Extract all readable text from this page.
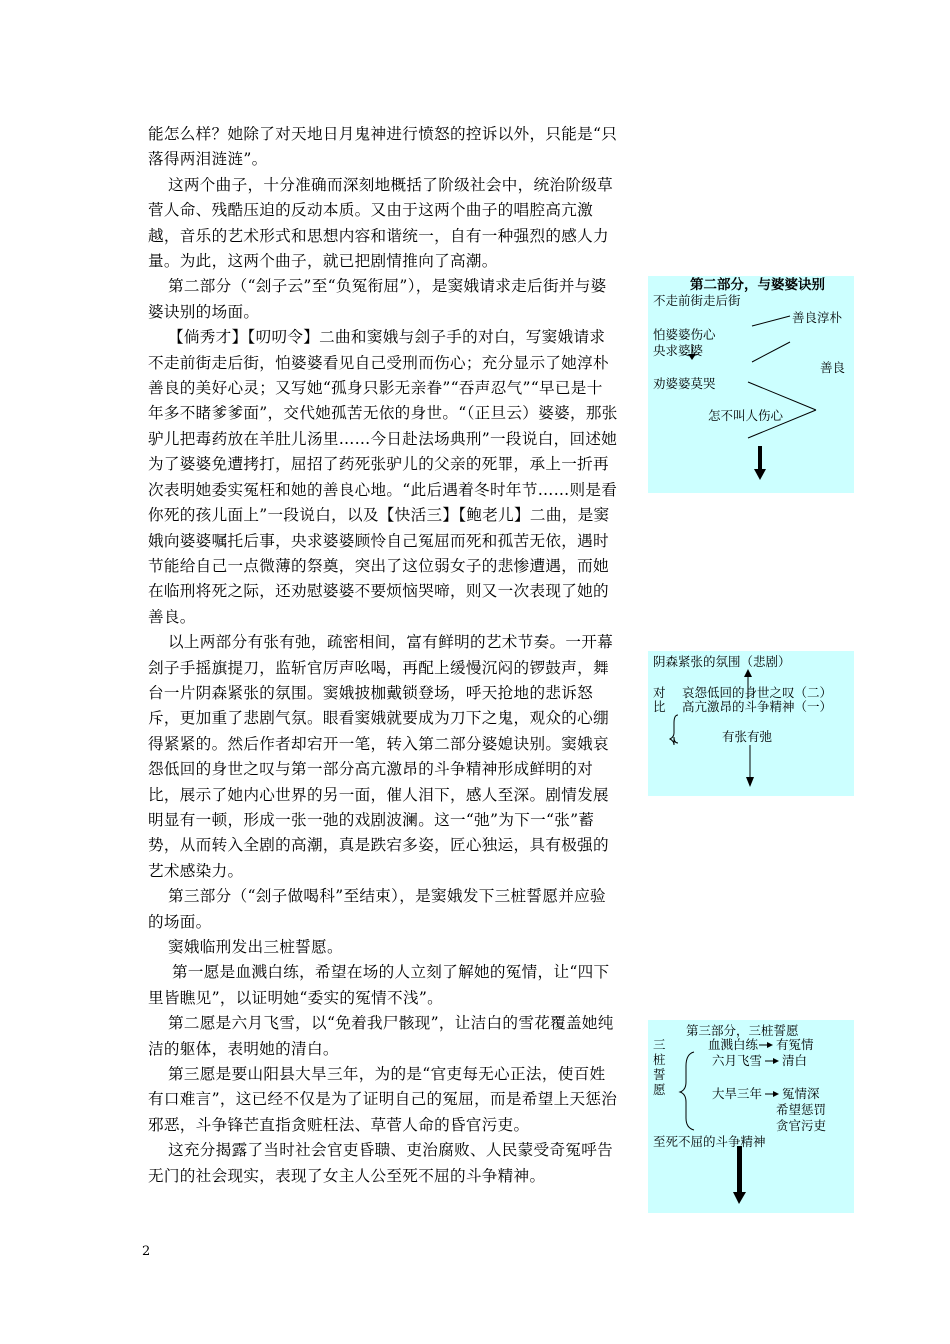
能怎么样？她除了对天地日月鬼神进行愤怒的控诉以外，只能是“只落得两泪涟涟”。

这两个曲子，十分准确而深刻地概括了阶级社会中，统治阶级草菅人命、残酷压迫的反动本质。又由于这两个曲子的唱腔高亢激越，音乐的艺术形式和思想内容和谐统一，自有一种强烈的感人力量。为此，这两个曲子，就已把剧情推向了高潮。

第二部分（“刽子云”至“负冤衔屈”），是窦娥请求走后街并与婆婆诀别的场面。

【倘秀才】【叨叨令】二曲和窦娥与刽子手的对白，写窦娥请求不走前街走后街，怕婆婆看见自己受刑而伤心；充分显示了她淳朴善良的美好心灵；又写她“孤身只影无亲眷”“吞声忍气”“早已是十年多不睹爹爹面”，交代她孤苦无依的身世。“（正旦云）婆婆，那张驴儿把毒药放在羊肚儿汤里……今日赴法场典刑”一段说白，回述她为了婆婆免遭拷打，屈招了药死张驴儿的父亲的死罪，承上一折再次表明她委实冤枉和她的善良心地。“此后遇着冬时年节……则是看你死的孩儿面上”一段说白，以及【快活三】【鲍老儿】二曲，是窦娥向婆婆嘱托后事，央求婆婆顾怜自己冤屈而死和孤苦无依，遇时节能给自己一点微薄的祭奠，突出了这位弱女子的悲惨遭遇，而她在临刑将死之际，还劝慰婆婆不要烦恼哭啼，则又一次表现了她的善良。

以上两部分有张有弛，疏密相间，富有鲜明的艺术节奏。一开幕刽子手摇旗提刀，监斩官厉声吆喝，再配上缓慢沉闷的锣鼓声，舞台一片阴森紧张的氛围。窦娥披枷戴锁登场，呼天抢地的悲诉怒斥，更加重了悲剧气氛。眼看窦娥就要成为刀下之鬼，观众的心绷得紧紧的。然后作者却宕开一笔，转入第二部分婆媳诀别。窦娥哀怨低回的身世之叹与第一部分高亢激昂的斗争精神形成鲜明的对比，展示了她内心世界的另一面，催人泪下，感人至深。剧情发展明显有一顿，形成一张一弛的戏剧波澜。这一“弛”为下一“张”蓄势，从而转入全剧的高潮，真是跌宕多姿，匠心独运，具有极强的艺术感染力。

第三部分（“刽子做喝科”至结束），是窦娥发下三桩誓愿并应验的场面。

窦娥临刑发出三桩誓愿。

第一愿是血溅白练，希望在场的人立刻了解她的冤情，让“四下里皆瞧见”，以证明她“委实的冤情不浅”。

第二愿是六月飞雪，以“免着我尸骸现”，让洁白的雪花覆盖她纯洁的躯体，表明她的清白。

第三愿是要山阳县大旱三年，为的是“官吏每无心正法，使百姓有口难言”，这已经不仅是为了证明自己的冤屈，而是希望上天惩治邪恶，斗争锋芒直指贪赃枉法、草菅人命的昏官污吏。

这充分揭露了当时社会官吏昏聩、吏治腐败、人民蒙受奇冤呼告无门的社会现实，表现了女主人公至死不屈的斗争精神。

2
第二部分，与婆婆诀别
不走前街走后街
善良淳朴
怕婆婆伤心
央求婆婆
善良
劝婆婆莫哭
怎不叫人伤心
阴森紧张的氛围（悲剧）
对
比
哀怨低回的身世之叹（二）
高亢激昂的斗争精神（一）
有张有弛
第三部分，三桩誓愿
三
桩
誓
愿
血溅白练 有冤情
六月飞雪 清白
大旱三年 冤情深
希望惩罚
贪官污吏
至死不屈的斗争精神
